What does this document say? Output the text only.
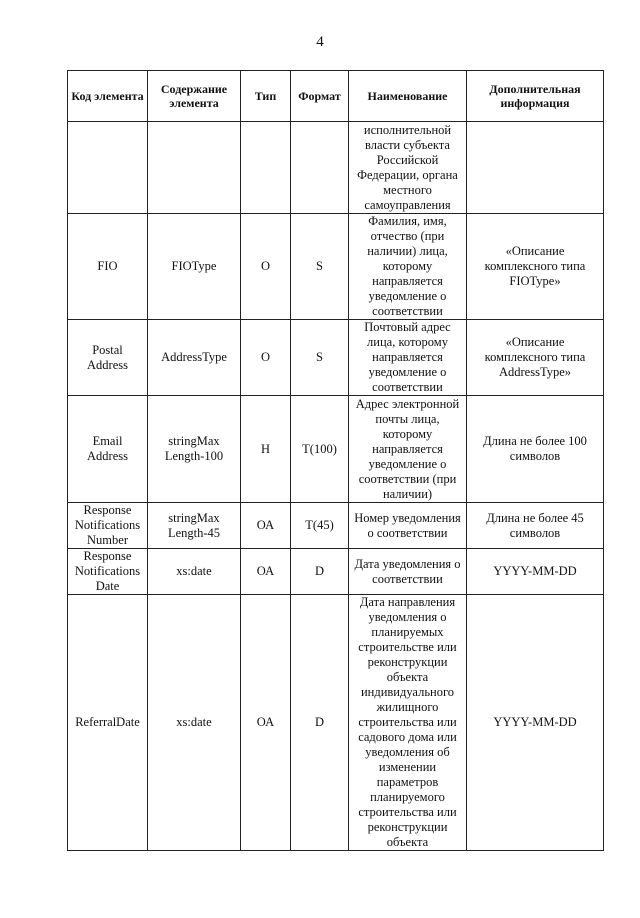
4
Код элемента	Содержание элемента	Тип	Формат	Наименование	Дополнительная информация
				исполнительной власти субъекта Российской Федерации, органа местного самоуправления	
FIO	FIOType	О	S	Фамилия, имя, отчество (при наличии) лица, которому направляется уведомление о соответствии	«Описание комплексного типа FIOType»
Postal Address	AddressType	О	S	Почтовый адрес лица, которому направляется уведомление о соответствии	«Описание комплексного типа AddressType»
Email Address	stringMax Length-100	Н	T(100)	Адрес электронной почты лица, которому направляется уведомление о соответствии (при наличии)	Длина не более 100 символов
Response Notifications Number	stringMax Length-45	ОА	T(45)	Номер уведомления о соответствии	Длина не более 45 символов
Response Notifications Date	xs:date	ОА	D	Дата уведомления о соответствии	YYYY-MM-DD
ReferralDate	xs:date	ОА	D	Дата направления уведомления о планируемых строительстве или реконструкции объекта индивидуального жилищного строительства или садового дома или уведомления об изменении параметров планируемого строительства или реконструкции объекта	YYYY-MM-DD
